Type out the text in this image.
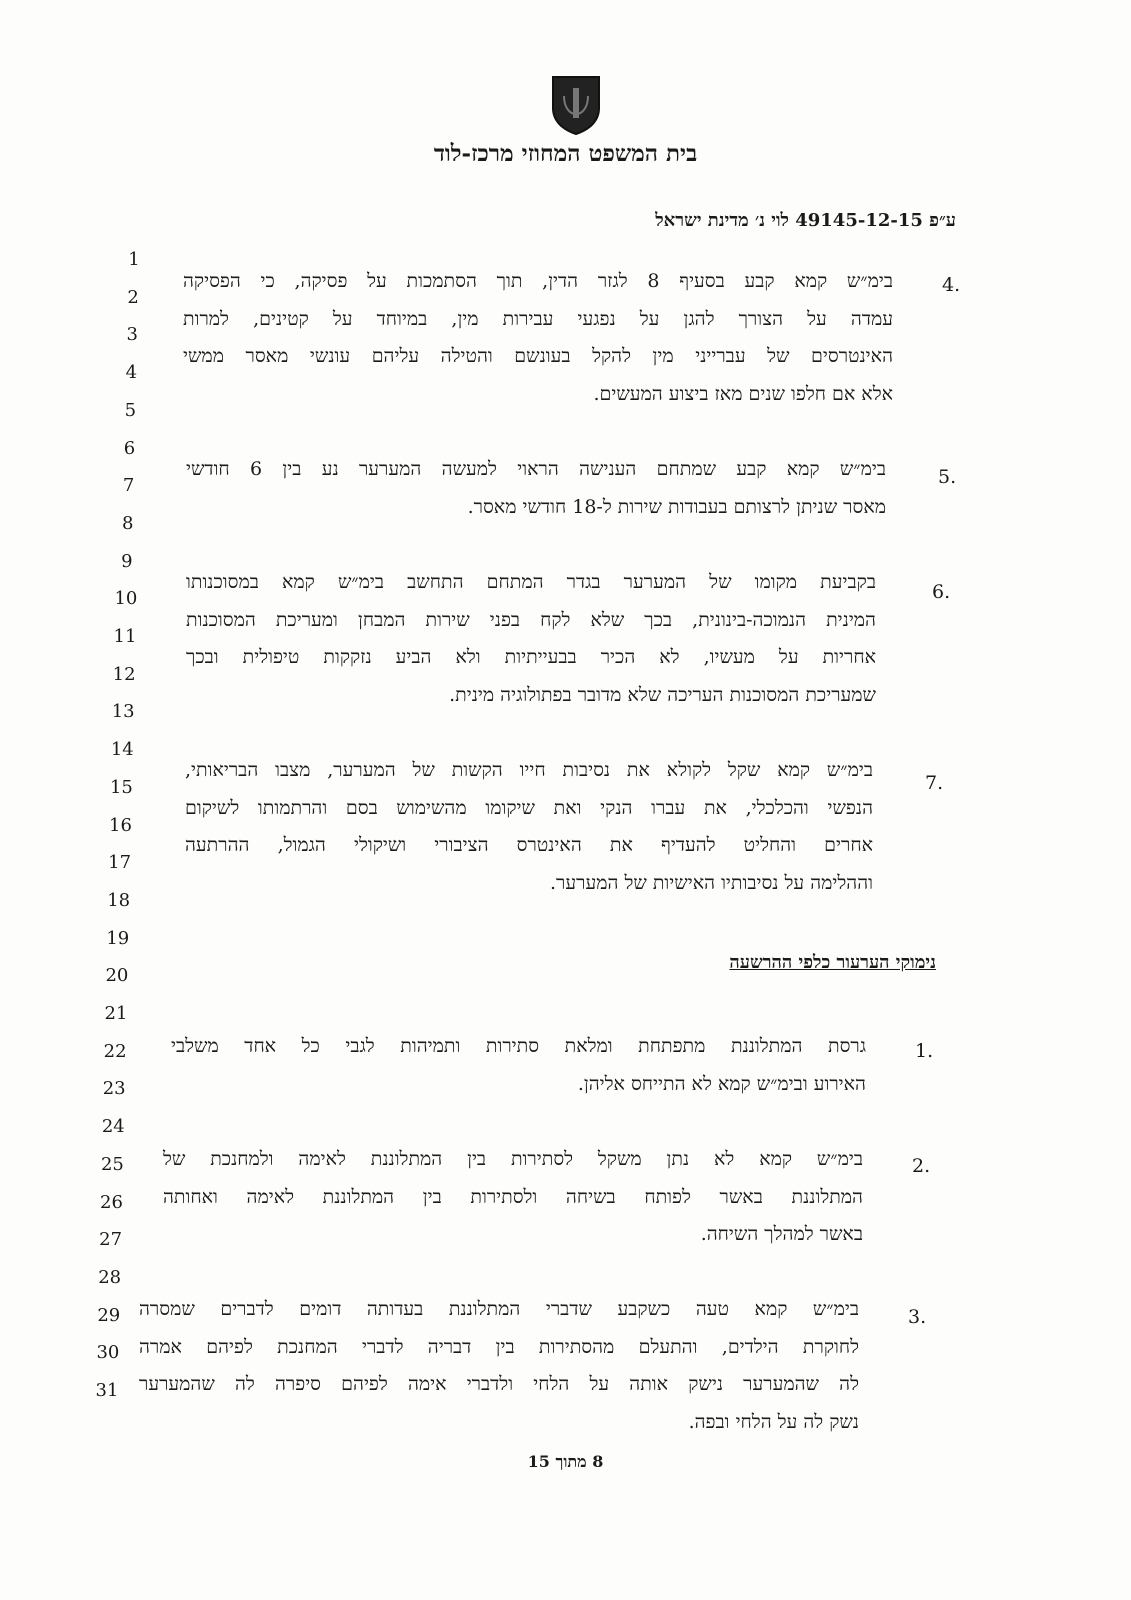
בית המשפט המחוזי מרכז-לוד
ע״פ 49145-12-15 לוי נ׳ מדינת ישראל
1
2
3
4
5
6
7
8
9
10
11
12
13
14
15
16
17
18
19
20
21
22
23
24
25
26
27
28
29
30
31
בימ״ש קמא קבע בסעיף 8 לגזר הדין, תוך הסתמכות על פסיקה, כי הפסיקה
עמדה על הצורך להגן על נפגעי עבירות מין, במיוחד על קטינים, למרות
האינטרסים של עברייני מין להקל בעונשם והטילה עליהם עונשי מאסר ממשי
אלא אם חלפו שנים מאז ביצוע המעשים.
4.
בימ״ש קמא קבע שמתחם הענישה הראוי למעשה המערער נע בין 6 חודשי
מאסר שניתן לרצותם בעבודות שירות ל-18 חודשי מאסר.
5.
בקביעת מקומו של המערער בגדר המתחם התחשב בימ״ש קמא במסוכנותו
המינית הנמוכה-בינונית, בכך שלא לקח בפני שירות המבחן ומעריכת המסוכנות
אחריות על מעשיו, לא הכיר בבעייתיות ולא הביע נזקקות טיפולית ובכך
שמעריכת המסוכנות העריכה שלא מדובר בפתולוגיה מינית.
6.
בימ״ש קמא שקל לקולא את נסיבות חייו הקשות של המערער, מצבו הבריאותי,
הנפשי והכלכלי, את עברו הנקי ואת שיקומו מהשימוש בסם והרתמותו לשיקום
אחרים והחליט להעדיף את האינטרס הציבורי ושיקולי הגמול, ההרתעה
וההלימה על נסיבותיו האישיות של המערער.
7.
נימוקי הערעור כלפי ההרשעה
גרסת המתלוננת מתפתחת ומלאת סתירות ותמיהות לגבי כל אחד משלבי
האירוע ובימ״ש קמא לא התייחס אליהן.
1.
בימ״ש קמא לא נתן משקל לסתירות בין המתלוננת לאימה ולמחנכת של
המתלוננת באשר לפותח בשיחה ולסתירות בין המתלוננת לאימה ואחותה
באשר למהלך השיחה.
2.
בימ״ש קמא טעה כשקבע שדברי המתלוננת בעדותה דומים לדברים שמסרה
לחוקרת הילדים, והתעלם מהסתירות בין דבריה לדברי המחנכת לפיהם אמרה
לה שהמערער נישק אותה על הלחי ולדברי אימה לפיהם סיפרה לה שהמערער
נשק לה על הלחי ובפה.
3.
8 מתוך 15
